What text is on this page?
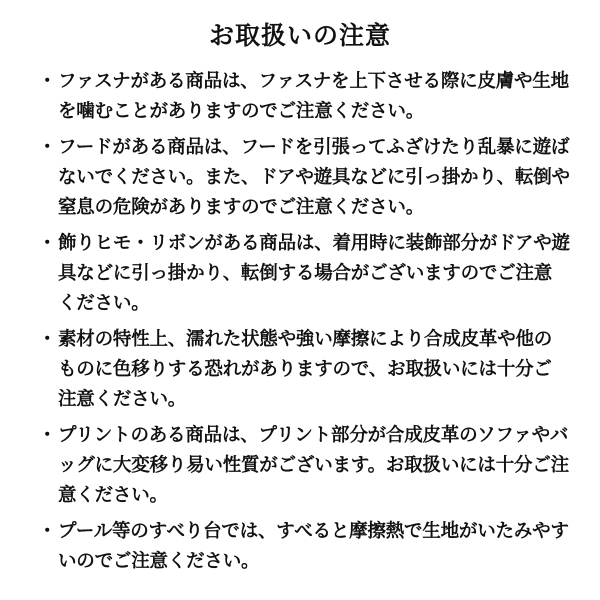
お取扱いの注意
・ ファスナがある商品は、ファスナを上下させる際に皮膚や生地を噛むことがありますのでご注意ください。
・ フードがある商品は、フードを引張ってふざけたり乱暴に遊ばないでください。また、ドアや遊具などに引っ掛かり、転倒や窒息の危険がありますのでご注意ください。
・ 飾りヒモ・リボンがある商品は、着用時に装飾部分がドアや遊具などに引っ掛かり、転倒する場合がございますのでご注意ください。
・ 素材の特性上、濡れた状態や強い摩擦により合成皮革や他のものに色移りする恐れがありますので、お取扱いには十分ご注意ください。
・ プリントのある商品は、プリント部分が合成皮革のソファやバッグに大変移り易い性質がございます。お取扱いには十分ご注意ください。
・ プール等のすべり台では、すべると摩擦熱で生地がいたみやすいのでご注意ください。
